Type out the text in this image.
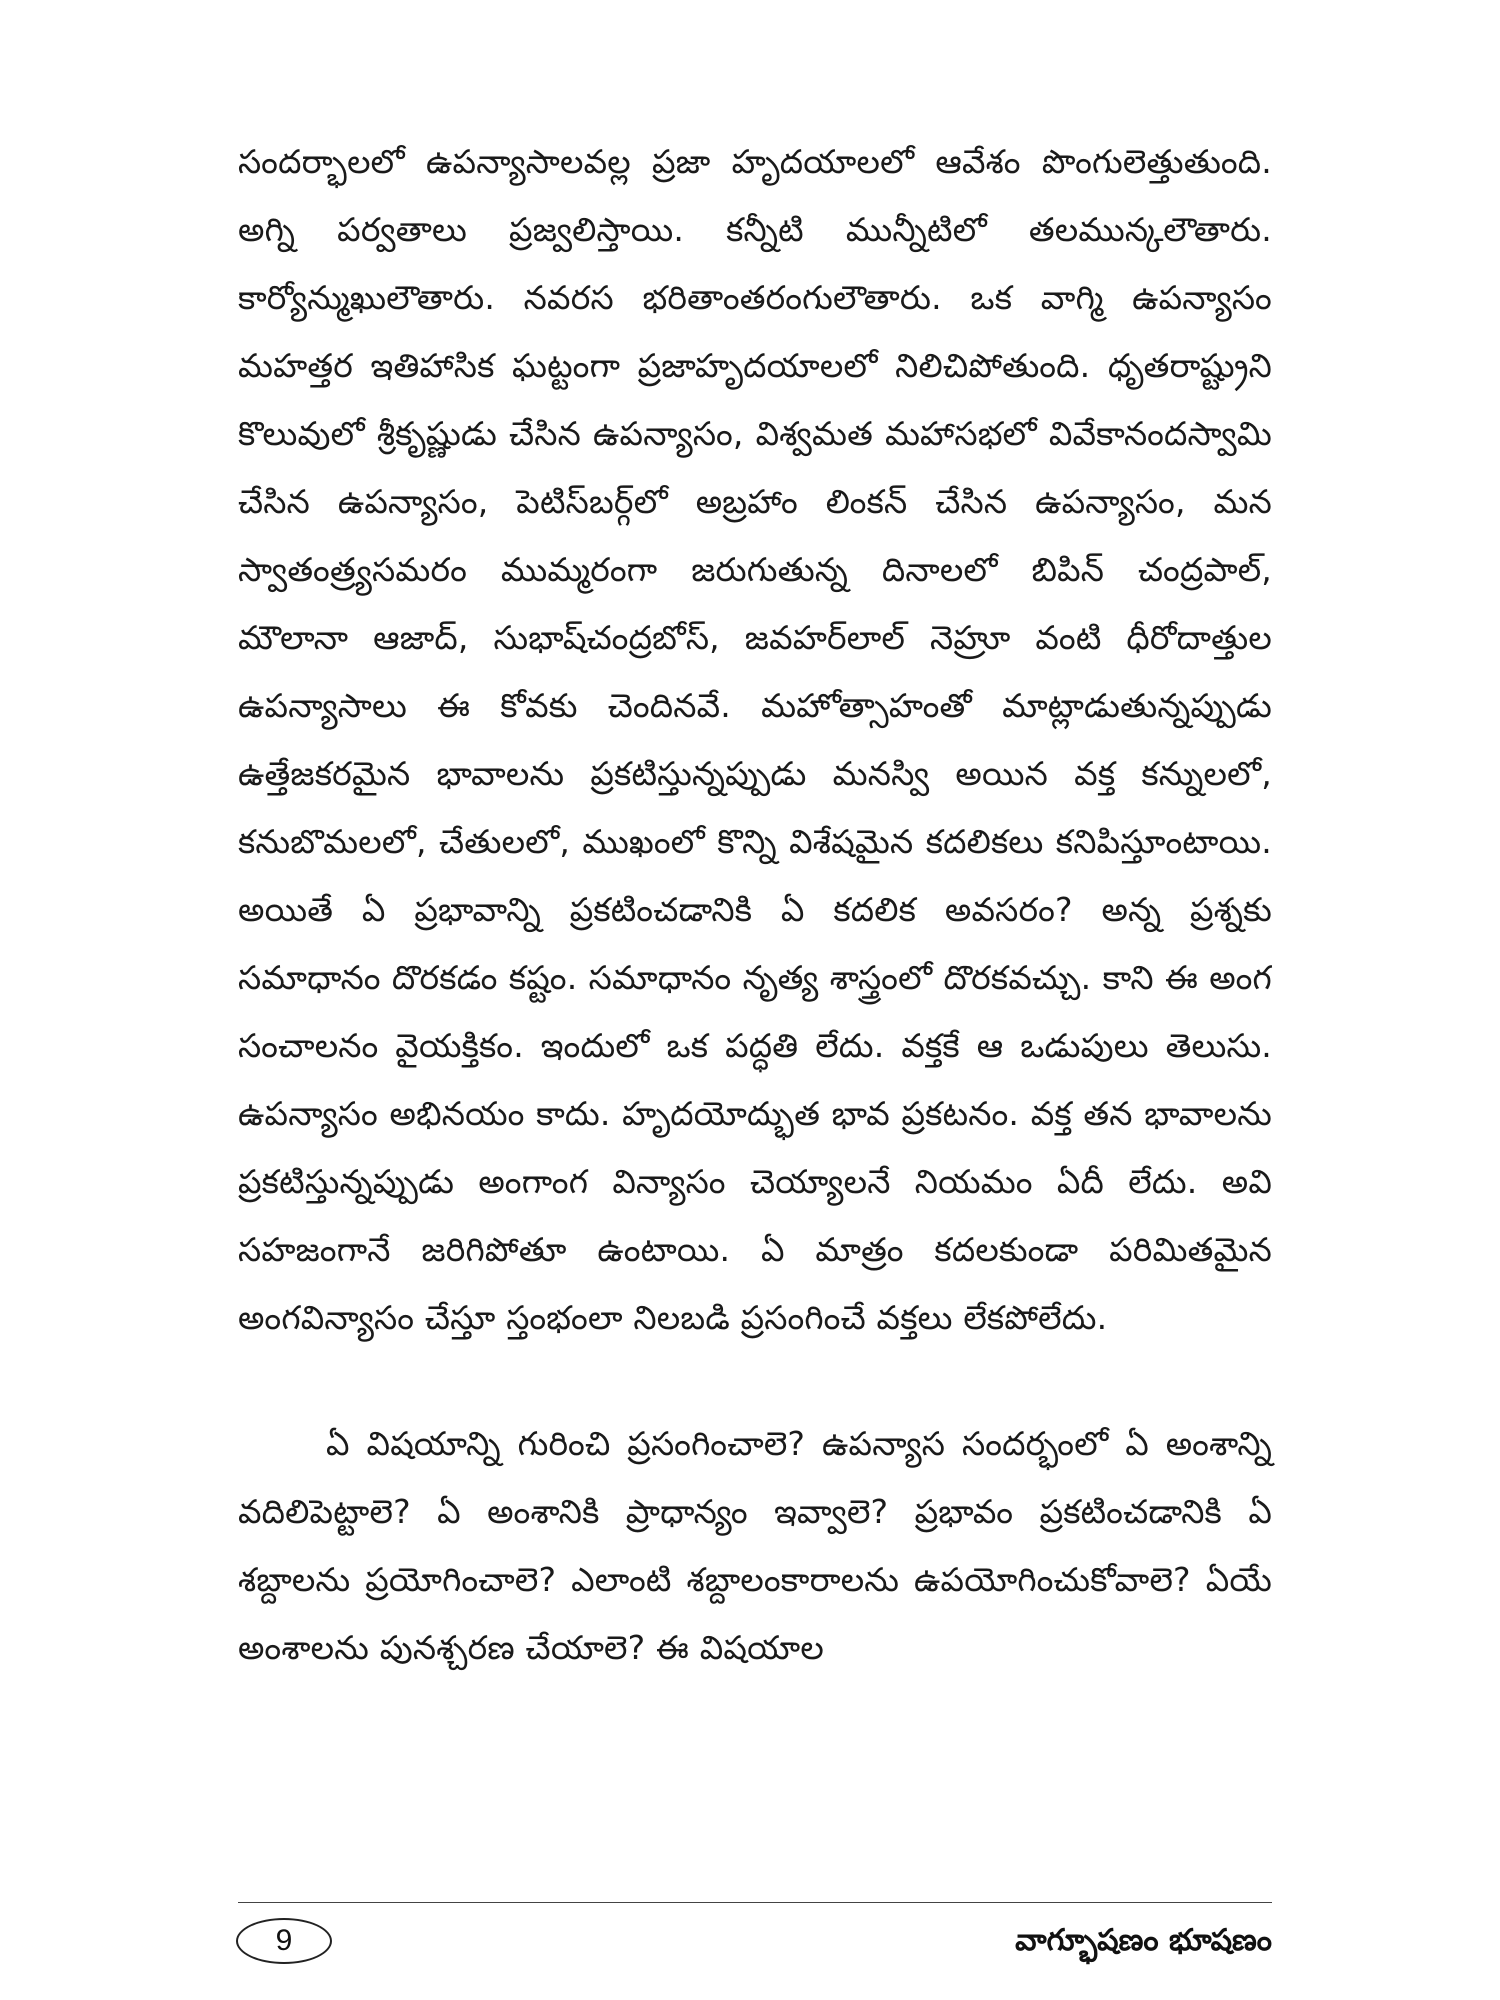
సందర్భాలలో ఉపన్యాసాలవల్ల ప్రజా హృదయాలలో ఆవేశం పొంగులెత్తుతుంది. అగ్ని పర్వతాలు ప్రజ్వలిస్తాయి. కన్నీటి మున్నీటిలో తలమున్కలౌతారు. కార్యోన్ముఖులౌతారు. నవరస భరితాంతరంగులౌతారు. ఒక వాగ్మి ఉపన్యాసం మహత్తర ఇతిహాసిక ఘట్టంగా ప్రజాహృదయాలలో నిలిచిపోతుంది. ధృతరాష్ట్రుని కొలువులో శ్రీకృష్ణుడు చేసిన ఉపన్యాసం, విశ్వమత మహాసభలో వివేకానందస్వామి చేసిన ఉపన్యాసం, పెటిస్‌బర్గ్‌లో అబ్రహాం లింకన్ చేసిన ఉపన్యాసం, మన స్వాతంత్ర్యసమరం ముమ్మరంగా జరుగుతున్న దినాలలో బిపిన్ చంద్రపాల్, మౌలానా ఆజాద్, సుభాష్‌చంద్రబోస్, జవహర్‌లాల్ నెహ్రూ వంటి ధీరోదాత్తుల ఉపన్యాసాలు ఈ కోవకు చెందినవే. మహోత్సాహంతో మాట్లాడుతున్నప్పుడు ఉత్తేజకరమైన భావాలను ప్రకటిస్తున్నప్పుడు మనస్వి అయిన వక్త కన్నులలో, కనుబొమలలో, చేతులలో, ముఖంలో కొన్ని విశేషమైన కదలికలు కనిపిస్తూంటాయి. అయితే ఏ ప్రభావాన్ని ప్రకటించడానికి ఏ కదలిక అవసరం? అన్న ప్రశ్నకు సమాధానం దొరకడం కష్టం. సమాధానం నృత్య శాస్త్రంలో దొరకవచ్చు. కాని ఈ అంగ సంచాలనం వైయక్తికం. ఇందులో ఒక పద్ధతి లేదు. వక్తకే ఆ ఒడుపులు తెలుసు. ఉపన్యాసం అభినయం కాదు. హృదయోద్భుత భావ ప్రకటనం. వక్త తన భావాలను ప్రకటిస్తున్నప్పుడు అంగాంగ విన్యాసం చెయ్యాలనే నియమం ఏదీ లేదు. అవి సహజంగానే జరిగిపోతూ ఉంటాయి. ఏ మాత్రం కదలకుండా పరిమితమైన అంగవిన్యాసం చేస్తూ స్తంభంలా నిలబడి ప్రసంగించే వక్తలు లేకపోలేదు.

ఏ విషయాన్ని గురించి ప్రసంగించాలె? ఉపన్యాస సందర్భంలో ఏ అంశాన్ని వదిలిపెట్టాలె? ఏ అంశానికి ప్రాధాన్యం ఇవ్వాలె? ప్రభావం ప్రకటించడానికి ఏ శబ్దాలను ప్రయోగించాలె? ఎలాంటి శబ్దాలంకారాలను ఉపయోగించుకోవాలె? ఏయే అంశాలను పునశ్చరణ చేయాలె? ఈ విషయాల

9	వాగ్భూషణం భూషణం
